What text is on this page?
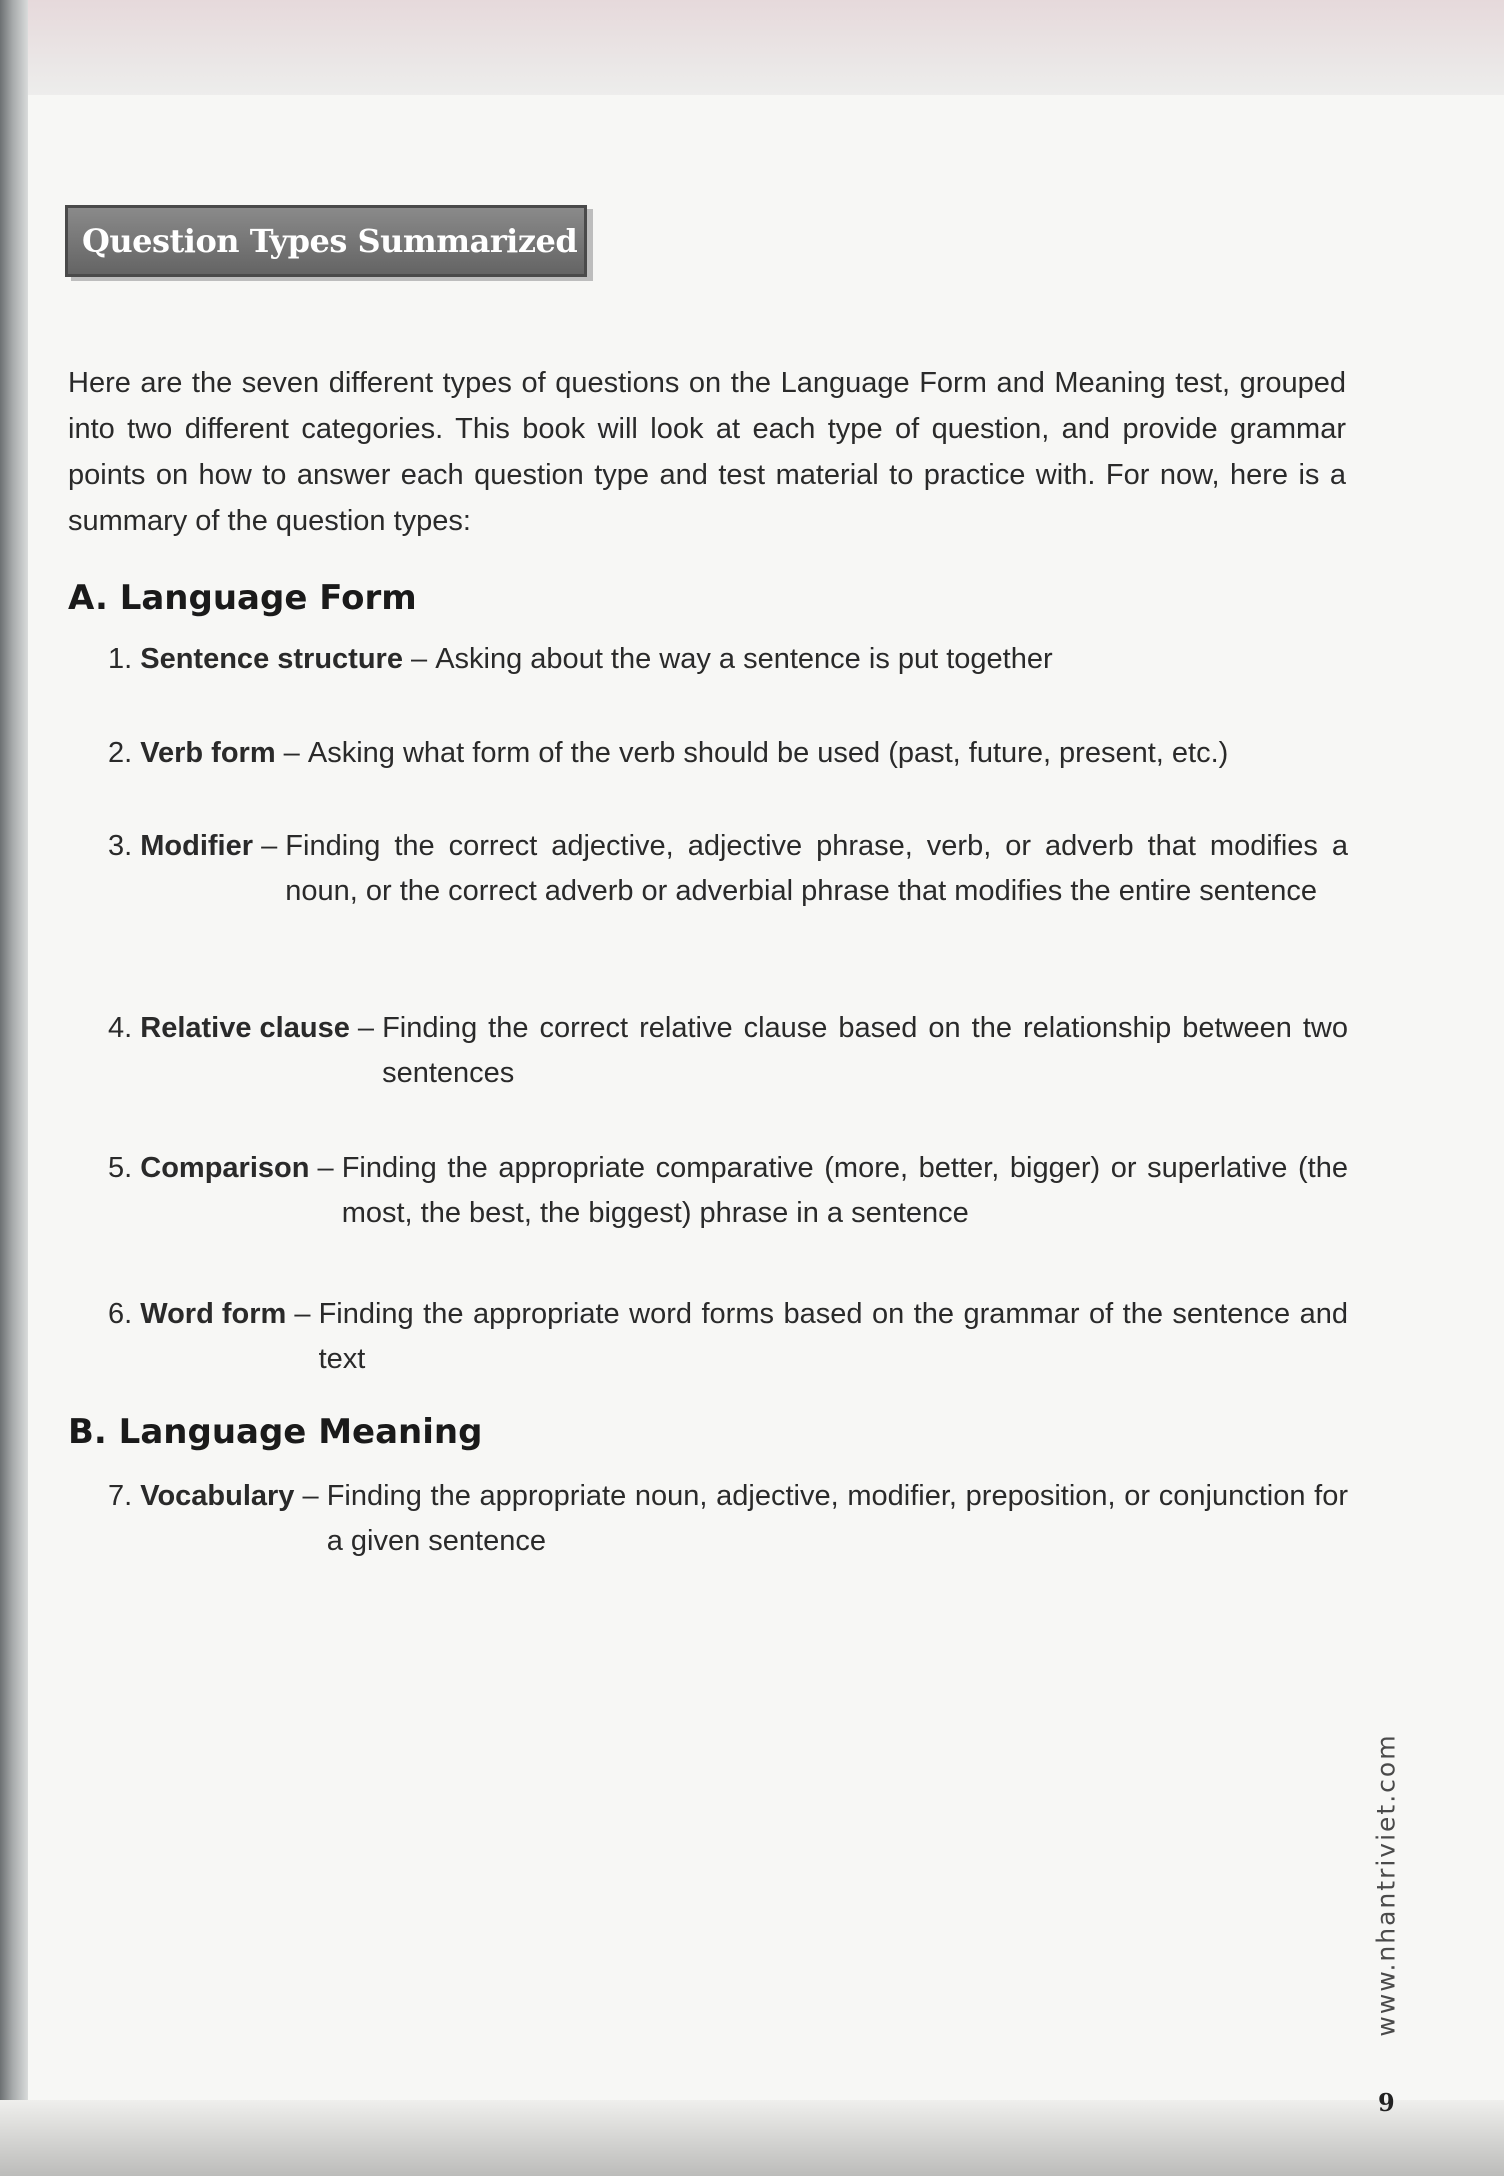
Question Types Summarized

Here are the seven different types of questions on the Language Form and Meaning test, grouped into two different categories. This book will look at each type of question, and provide grammar points on how to answer each question type and test material to practice with. For now, here is a summary of the question types:

A. Language Form
1. Sentence structure – Asking about the way a sentence is put together
2. Verb form – Asking what form of the verb should be used (past, future, present, etc.)
3. Modifier – Finding the correct adjective, adjective phrase, verb, or adverb that modifies a noun, or the correct adverb or adverbial phrase that modifies the entire sentence
4. Relative clause – Finding the correct relative clause based on the relationship between two sentences
5. Comparison – Finding the appropriate comparative (more, better, bigger) or superlative (the most, the best, the biggest) phrase in a sentence
6. Word form – Finding the appropriate word forms based on the grammar of the sentence and text
B. Language Meaning
7. Vocabulary – Finding the appropriate noun, adjective, modifier, preposition, or conjunction for a given sentence
www.nhantriviet.com
9
